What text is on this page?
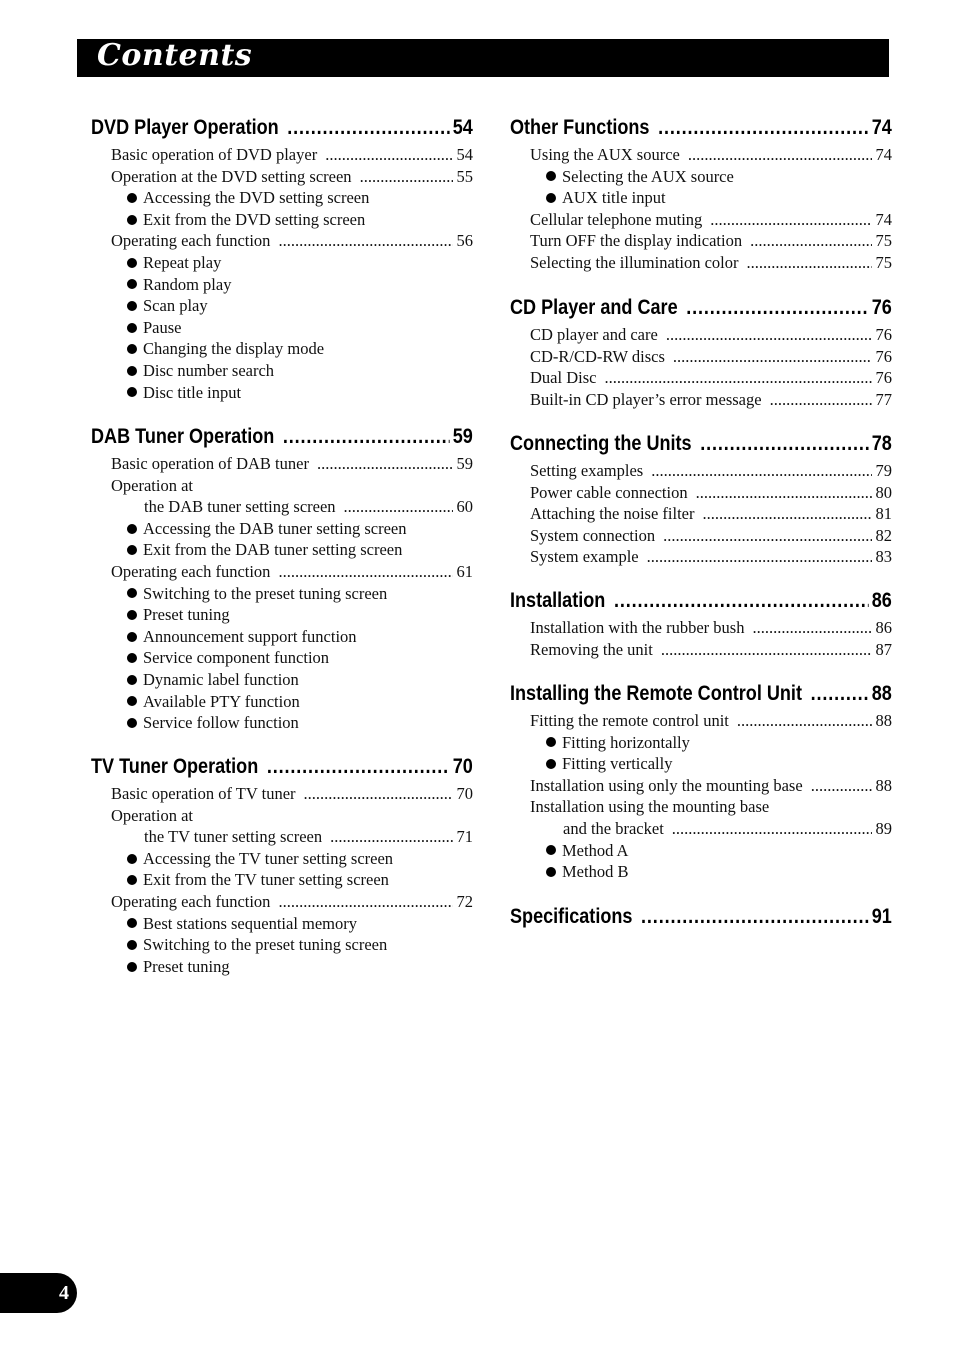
Contents
DVD Player Operation .....	54
Basic operation of DVD player .....	54
Operation at the DVD setting screen .....	55
Accessing the DVD setting screen
Exit from the DVD setting screen
Operating each function .....	56
Repeat play
Random play
Scan play
Pause
Changing the display mode
Disc number search
Disc title input
DAB Tuner Operation .....	59
Basic operation of DAB tuner .....	59
Operation at
the DAB tuner setting screen .....	60
Accessing the DAB tuner setting screen
Exit from the DAB tuner setting screen
Operating each function .....	61
Switching to the preset tuning screen
Preset tuning
Announcement support function
Service component function
Dynamic label function
Available PTY function
Service follow function
TV Tuner Operation .....	70
Basic operation of TV tuner .....	70
Operation at
the TV tuner setting screen .....	71
Accessing the TV tuner setting screen
Exit from the TV tuner setting screen
Operating each function .....	72
Best stations sequential memory
Switching to the preset tuning screen
Preset tuning
Other Functions .....	74
Using the AUX source .....	74
Selecting the AUX source
AUX title input
Cellular telephone muting .....	74
Turn OFF the display indication .....	75
Selecting the illumination color .....	75
CD Player and Care .....	76
CD player and care .....	76
CD-R/CD-RW discs .....	76
Dual Disc .....	76
Built-in CD player’s error message .....	77
Connecting the Units .....	78
Setting examples .....	79
Power cable connection .....	80
Attaching the noise filter .....	81
System connection .....	82
System example .....	83
Installation .....	86
Installation with the rubber bush .....	86
Removing the unit .....	87
Installing the Remote Control Unit .....	88
Fitting the remote control unit .....	88
Fitting horizontally
Fitting vertically
Installation using only the mounting base .....	88
Installation using the mounting base
and the bracket .....	89
Method A
Method B
Specifications .....	91
4
